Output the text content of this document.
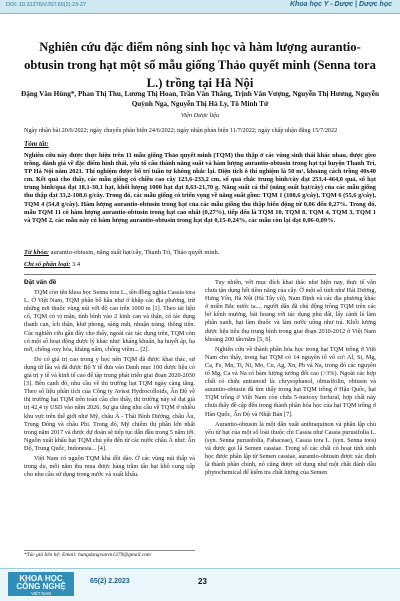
DOI: 10.31276/VJST.65(2).23-27	Khoa học Y - Dược | Dược học
Nghiên cứu đặc điểm nông sinh học và hàm lượng aurantio-obtusin trong hạt một số mẫu giống Thảo quyết minh (Senna tora L.) trồng tại Hà Nội
Đặng Văn Hùng*, Phan Thị Thu, Lương Thị Hoan, Trần Văn Thắng, Trịnh Văn Vượng, Nguyễn Thị Hương, Nguyễn Quỳnh Nga, Nguyễn Thị Hà Ly, Tô Minh Tứ
Viện Dược liệu
Ngày nhận bài 20/6/2022; ngày chuyển phản biện 24/6/2022; ngày nhận phản biện 11/7/2022; ngày chấp nhận đăng 15/7/2022
Tóm tắt:
Nghiên cứu này được thực hiện trên 11 mẫu giống Thảo quyết minh (TQM) thu thập ở các vùng sinh thái khác nhau, được gieo trồng, đánh giá về đặc điểm hình thái, yếu tố cấu thành năng suất và hàm lượng aurantio-obtusin trong hạt tại huyện Thanh Trì, TP Hà Nội năm 2021. Thí nghiệm được bố trí tuần tự không nhắc lại. Diện tích ô thí nghiệm là 50 m², khoảng cách trồng 40x40 cm. Kết quả cho thấy, các mẫu giống có chiều cao cây 123,6-233,2 cm, số quả chắc trung bình/cây đạt 253,4-464,0 quả, số hạt trung bình/quả đạt 18,1-30,1 hạt, khối lượng 1000 hạt đạt 8,63-21,70 g. Năng suất cá thể (năng suất hạt/cây) của các mẫu giống thu thập đạt 33,2-108,6 g/cây. Trong đó, các mẫu giống có triển vọng về năng suất gồm: TQM 1 (108,6 g/cây), TQM 6 (55,6 g/cây), TQM 4 (54,8 g/cây). Hàm lượng aurantio-obtusin trong hạt của các mẫu giống thu thập biến động từ 0,06 đến 0,27%. Trong đó, mẫu TQM 11 có hàm lượng aurantio-obtusin trong hạt cao nhất (0,27%), tiếp đến là TQM 10, TQM 8, TQM 4, TQM 3, TQM 1 và TQM 2, các mẫu này có hàm lượng aurantio-obtusin trong hạt đạt 0,15-0,24%, các mẫu còn lại đạt 0,06-0,09%.
Từ khóa: aurantio-obtusin, năng suất hạt/cây, Thanh Trì, Thảo quyết minh.
Chỉ số phân loại: 3.4
Đặt vấn đề

TQM còn tên khoa học Senna tora L., tên đồng nghĩa Cassia tora L. Ở Việt Nam, TQM phân bố hầu như ở khắp các địa phương, trừ những nơi thuộc vùng núi với độ cao trên 1000 m [1]. Theo tài liệu cổ, TQM có vị mặn, tính bình vào 2 kinh can và thận, có tác dụng thanh can, ích thận, khử phong, sáng mắt, nhuận tràng, thông tiện. Các nghiên cứu gần đây cho thấy, ngoài các tác dụng trên, TQM còn có một số hoạt động dược lý khác như: kháng khuẩn, hạ huyết áp, hạ mỡ, chống oxy hóa, kháng nấm, chống viêm... [2].

Do có giá trị cao trong y học nên TQM đã được khai thác, sử dụng từ lâu và đã được Bộ Y tế đưa vào Danh mục 100 dược liệu có giá trị y tế và kinh tế cao để tập trung phát triển giai đoạn 2020-2030 [3]. Bên cạnh đó, nhu cầu về thị trường hạt TQM ngày càng tăng. Theo số liệu phân tích của Công ty Avisst Hydrocolloids, Ấn Độ về thị trường hạt TQM trên toàn cầu cho thấy, thị trường này sẽ đạt giá trị 42,4 tỷ USD vào năm 2026. Sự gia tăng nhu cầu về TQM ở nhiều khu vực trên thế giới như Mỹ, châu Á - Thái Bình Dương, châu Âu, Trung Đông và châu Phi. Trong đó, Mỹ chiếm thị phần lớn nhất trong năm 2017 và được dự đoán sẽ tiếp tục dẫn đầu trong 5 năm tới. Nguồn xuất khẩu hạt TQM chủ yếu đến từ các nước châu Á như: Ấn Độ, Trung Quốc, Indonesia... [4].

Việt Nam có nguồn TQM khá dồi dào. Ở các vùng núi thấp và trung du, mỗi năm thu mua được hàng trăm tấn hạt khô cung cấp cho nhu cầu sử dụng trong nước và xuất khẩu.

Tuy nhiên, với mục đích khai thác như hiện nay, thực tế vẫn chưa tận dụng hết tiềm năng của cây. Ở một số tỉnh như Hải Dương, Hưng Yên, Hà Nội (Hà Tây cũ), Nam Định và các địa phương khác ở miền Bắc nước ta..., người dân đã chủ động trồng TQM trên các bờ kênh mương, bãi hoang với tác dụng phủ đất, lấy cành lá làm phân xanh, hạt làm thuốc và làm nước uống như trà. Khối lượng dược liệu tiêu thụ trung bình trong giai đoạn 2010-2012 ở Việt Nam khoảng 200 tấn/năm [5, 6].

Nghiên cứu về thành phần hóa học trong hạt TQM trồng ở Việt Nam cho thấy, trong hạt TQM có 14 nguyên tố vô cơ: Al, Si, Mg, Ca, Fe, Mn, Ti, Ni, Mo, Cu, Ag, Xn, Pb và Na, trong đó các nguyên tố Mg, Ca và Na có hàm lượng tương đối cao (>3%). Ngoài các hợp chất có chứa antranoid là: chrysophanol, obtusifolin, obtusin và aurantio-obtusin đã tìm thấy trong hạt TQM trồng ở Hậu Quốc, hạt TQM trồng ở Việt Nam còn chứa 5-metoxy furfural, hợp chất này chưa thấy đề cập đến trong thành phần hóa học của hạt TQM trồng ở Hàn Quốc, Ấn Độ và Nhật Bản [7].

Aurantio-obtusin là một dẫn xuất anthraquinon và phân lập chủ yếu từ hạt của một số loài thuộc chi Cassia như Cassia purusifolia L. (syn. Senna purusifolia, Fabaceae), Cassia tora L. (syn. Senna tora) và được gọi là Semen cassiae. Trong số các chất có hoạt tính sinh học được phân lập từ Semen cassiae, aurantio-obtusin được xác định là thành phần chính, nó cũng được sử dụng như một chất đánh dấu phytochemical để kiểm tra chất lượng của Semen

*Tác giả liên hệ: Email: hungdangvanvn1379@gmail.com
KHOA HỌC CÔNG NGHỆ
VIỆT NAM
65(2) 2.2023	23
